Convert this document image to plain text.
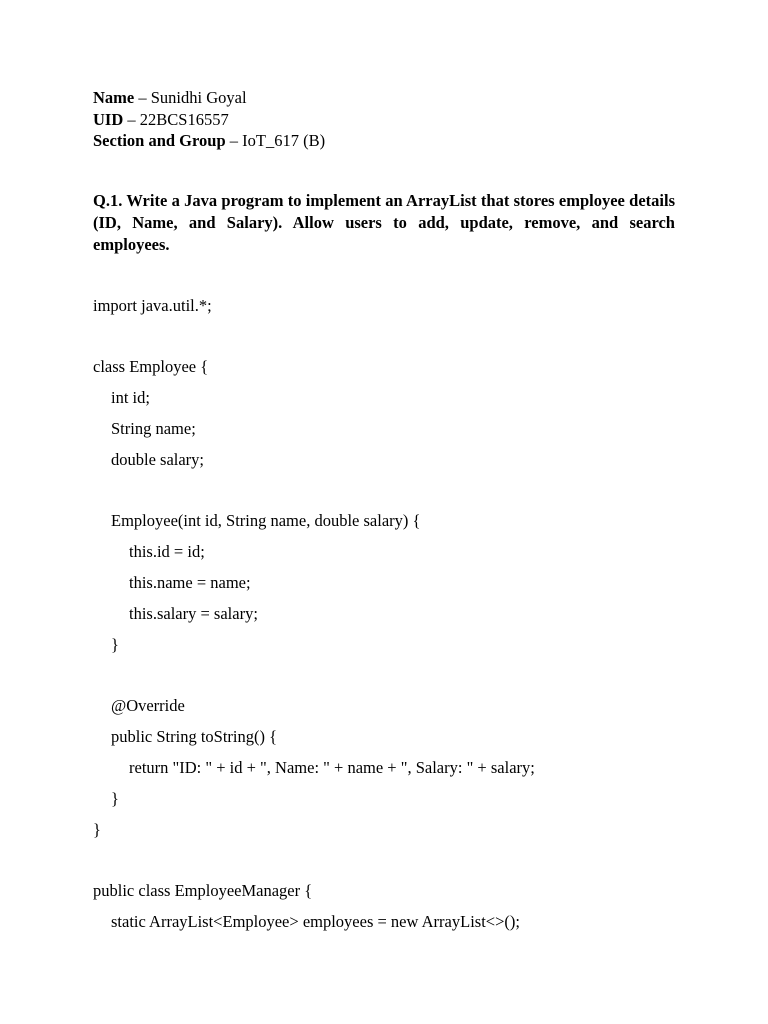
Name – Sunidhi Goyal
UID – 22BCS16557
Section and Group – IoT_617 (B)
Q.1. Write a Java program to implement an ArrayList that stores employee details (ID, Name, and Salary). Allow users to add, update, remove, and search employees.
import java.util.*;
class Employee {
int id;
String name;
double salary;
Employee(int id, String name, double salary) {
this.id = id;
this.name = name;
this.salary = salary;
}
@Override
public String toString() {
return "ID: " + id + ", Name: " + name + ", Salary: " + salary;
}
}
public class EmployeeManager {
static ArrayList<Employee> employees = new ArrayList<>();
